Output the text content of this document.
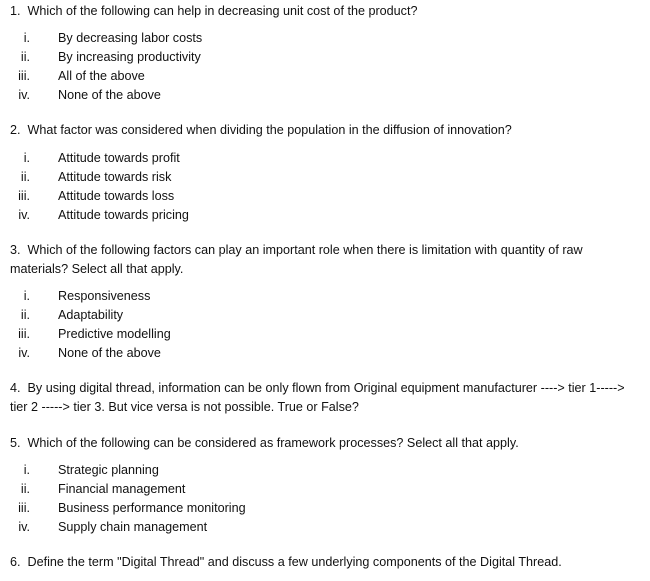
1. Which of the following can help in decreasing unit cost of the product?
i. By decreasing labor costs
ii. By increasing productivity
iii. All of the above
iv. None of the above
2. What factor was considered when dividing the population in the diffusion of innovation?
i. Attitude towards profit
ii. Attitude towards risk
iii. Attitude towards loss
iv. Attitude towards pricing
3. Which of the following factors can play an important role when there is limitation with quantity of raw materials? Select all that apply.
i. Responsiveness
ii. Adaptability
iii. Predictive modelling
iv. None of the above
4. By using digital thread, information can be only flown from Original equipment manufacturer ----> tier 1-----> tier 2 -----> tier 3. But vice versa is not possible. True or False?
5. Which of the following can be considered as framework processes? Select all that apply.
i. Strategic planning
ii. Financial management
iii. Business performance monitoring
iv. Supply chain management
6. Define the term "Digital Thread" and discuss a few underlying components of the Digital Thread.
